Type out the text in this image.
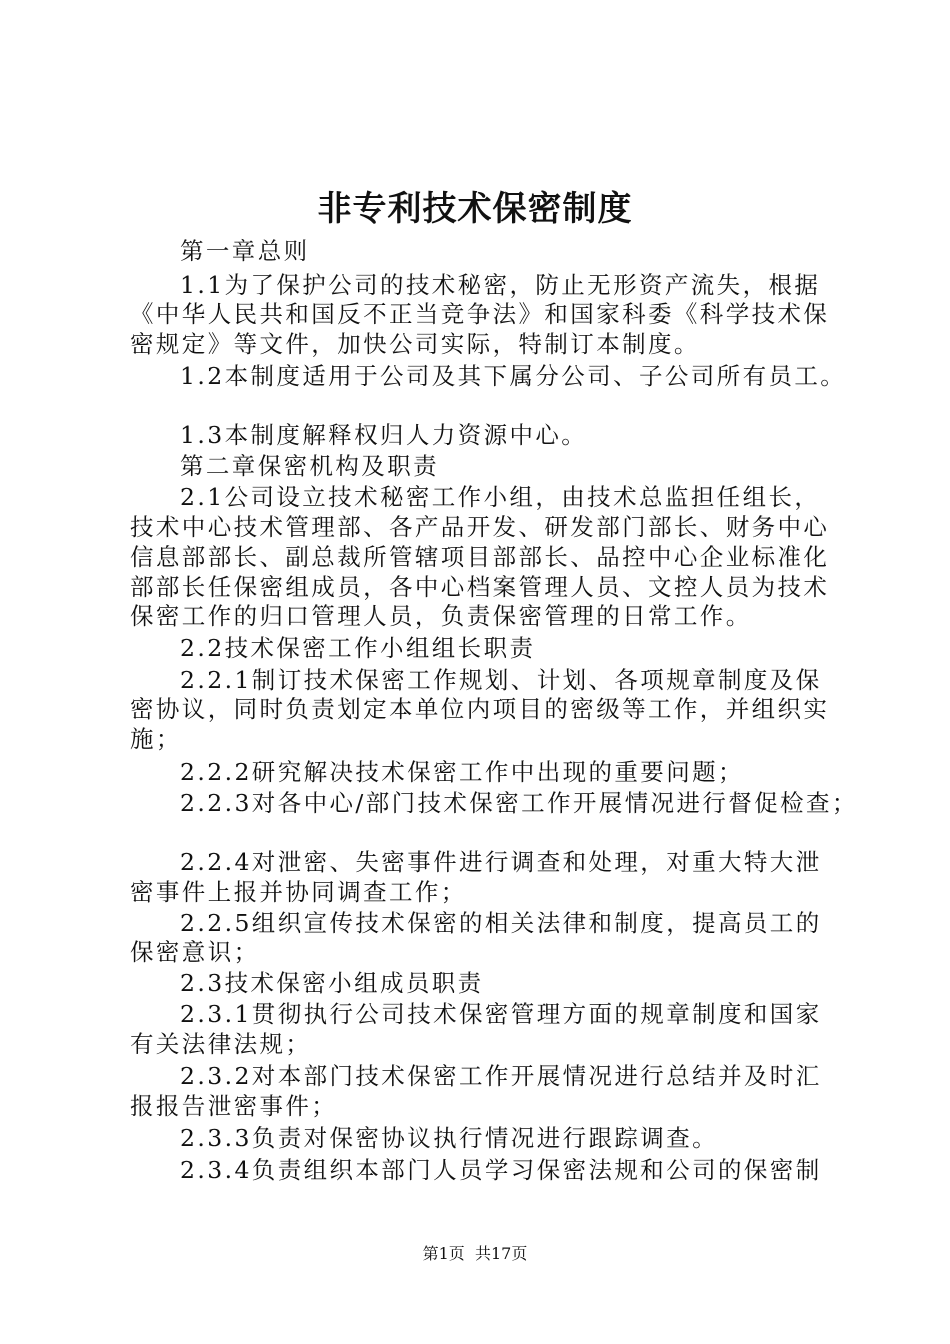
非专利技术保密制度
第一章总则
1.1为了保护公司的技术秘密，防止无形资产流失，根据
《中华人民共和国反不正当竞争法》和国家科委《科学技术保
密规定》等文件，加快公司实际，特制订本制度。
1.2本制度适用于公司及其下属分公司、子公司所有员工。
1.3本制度解释权归人力资源中心。
第二章保密机构及职责
2.1公司设立技术秘密工作小组，由技术总监担任组长，
技术中心技术管理部、各产品开发、研发部门部长、财务中心
信息部部长、副总裁所管辖项目部部长、品控中心企业标准化
部部长任保密组成员，各中心档案管理人员、文控人员为技术
保密工作的归口管理人员，负责保密管理的日常工作。
2.2技术保密工作小组组长职责
2.2.1制订技术保密工作规划、计划、各项规章制度及保
密协议，同时负责划定本单位内项目的密级等工作，并组织实
施；
2.2.2研究解决技术保密工作中出现的重要问题；
2.2.3对各中心/部门技术保密工作开展情况进行督促检查；
2.2.4对泄密、失密事件进行调查和处理，对重大特大泄
密事件上报并协同调查工作；
2.2.5组织宣传技术保密的相关法律和制度，提高员工的
保密意识；
2.3技术保密小组成员职责
2.3.1贯彻执行公司技术保密管理方面的规章制度和国家
有关法律法规；
2.3.2对本部门技术保密工作开展情况进行总结并及时汇
报报告泄密事件；
2.3.3负责对保密协议执行情况进行跟踪调查。
2.3.4负责组织本部门人员学习保密法规和公司的保密制
第1页 共17页
